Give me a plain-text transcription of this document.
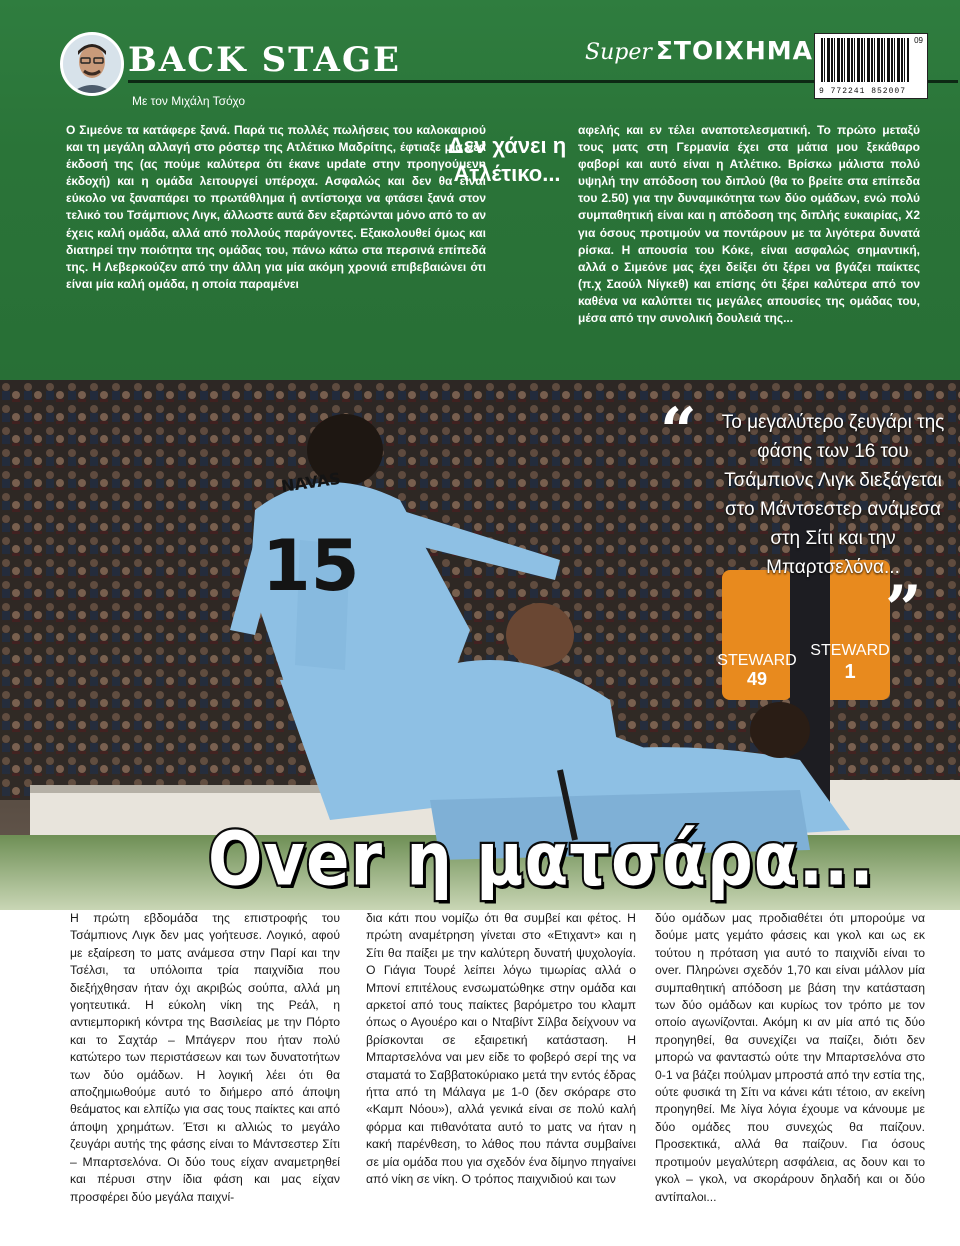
BACK STAGE
Με τον Μιχάλη Τσόχο
Super ΣΤΟΙΧΗΜΑ	09
9 772241 852007

Ο Σιμεόνε τα κατάφερε ξανά. Παρά τις πολλές πωλήσεις του καλοκαιριού και τη μεγάλη αλλαγή στο ρόστερ της Ατλέτικο Μαδρίτης, έφτιαξε μία νέα έκδοσή της (ας πούμε καλύτερα ότι έκανε update στην προηγούμενη έκδοχή) και η ομάδα λειτουργεί υπέροχα. Ασφαλώς και δεν θα είναι εύκολο να ξαναπάρει το πρωτάθλημα ή αντίστοιχα να φτάσει ξανά στον τελικό του Τσάμπιονς Λιγκ, άλλωστε αυτά δεν εξαρτώνται μόνο από το αν έχεις καλή ομάδα, αλλά από πολλούς παράγοντες. Εξακολουθεί όμως και διατηρεί την ποιότητα της ομάδας του, πάνω κάτω στα περσινά επίπεδά της. Η Λεβερκούζεν από την άλλη για μία ακόμη χρονιά επιβεβαιώνει ότι είναι μία καλή ομάδα, η οποία παραμένει

Δεν χάνει η Ατλέτικο...

αφελής και εν τέλει αναποτελεσματική. Το πρώτο μεταξύ τους ματς στη Γερμανία έχει στα μάτια μου ξεκάθαρο φαβορί και αυτό είναι η Ατλέτικο. Βρίσκω μάλιστα πολύ υψηλή την απόδοση του διπλού (θα το βρείτε στα επίπεδα του 2.50) για την δυναμικότητα των δύο ομάδων, ενώ πολύ συμπαθητική είναι και η απόδοση της διπλής ευκαιρίας, Χ2 για όσους προτιμούν να ποντάρουν με τα λιγότερα δυνατά ρίσκα. Η απουσία του Κόκε, είναι ασφαλώς σημαντική, αλλά ο Σιμεόνε μας έχει δείξει ότι ξέρει να βγάζει παίκτες (π.χ Σαούλ Νίγκεθ) και επίσης ότι ξέρει καλύτερα από τον καθένα να καλύπτει τις μεγάλες απουσίες της ομάδας του, μέσα από την συνολική δουλειά της...

STEWARD
49
STEWARD
1
15
NAVAS
“ Το μεγαλύτερο ζευγάρι της φάσης των 16 του Τσάμπιονς Λιγκ διεξάγεται στο Μάντσεστερ ανάμεσα στη Σίτι και την Μπαρτσελόνα...
”
Over η ματσάρα...

Η πρώτη εβδομάδα της επιστροφής του Τσάμπιονς Λιγκ δεν μας γοήτευσε. Λογικό, αφού με εξαίρεση το ματς ανάμεσα στην Παρί και την Τσέλσι, τα υπόλοιπα τρία παιχνίδια που διεξήχθησαν ήταν όχι ακριβώς σούπα, αλλά μη γοητευτικά. Η εύκολη νίκη της Ρεάλ, η αντιεμπορική κόντρα της Βασιλείας με την Πόρτο και το Σαχτάρ – Μπάγερν που ήταν πολύ κατώτερο των περιστάσεων και των δυνατοτήτων των δύο ομάδων. Η λογική λέει ότι θα αποζημιωθούμε αυτό το διήμερο από άποψη θεάματος και ελπίζω για σας τους παίκτες και από άποψη χρημάτων. Έτσι κι αλλιώς το μεγάλο ζευγάρι αυτής της φάσης είναι το Μάντσεστερ Σίτι – Μπαρτσελόνα. Οι δύο τους είχαν αναμετρηθεί και πέρυσι στην ίδια φάση και μας είχαν προσφέρει δύο μεγάλα παιχνί-

δια κάτι που νομίζω ότι θα συμβεί και φέτος. Η πρώτη αναμέτρηση γίνεται στο «Ετιχαντ» και η Σίτι θα παίξει με την καλύτερη δυνατή ψυχολογία. Ο Γιάγια Τουρέ λείπει λόγω τιμωρίας αλλά ο Μπονί επιτέλους ενσωματώθηκε στην ομάδα και αρκετοί από τους παίκτες βαρόμετρο του κλαμπ όπως ο Αγουέρο και ο Νταβίντ Σίλβα δείχνουν να βρίσκονται σε εξαιρετική κατάσταση. Η Μπαρτσελόνα ναι μεν είδε το φοβερό σερί της να σταματά το Σαββατοκύριακο μετά την εντός έδρας ήττα από τη Μάλαγα με 1-0 (δεν σκόραρε στο «Καμπ Νόου»), αλλά γενικά είναι σε πολύ καλή φόρμα και πιθανότατα αυτό το ματς να ήταν η κακή παρένθεση, το λάθος που πάντα συμβαίνει σε μία ομάδα που για σχεδόν ένα δίμηνο πηγαίνει από νίκη σε νίκη. Ο τρόπος παιχνιδιού και των

δύο ομάδων μας προδιαθέτει ότι μπορούμε να δούμε ματς γεμάτο φάσεις και γκολ και ως εκ τούτου η πρόταση για αυτό το παιχνίδι είναι το over. Πληρώνει σχεδόν 1,70 και είναι μάλλον μία συμπαθητική απόδοση με βάση την κατάσταση των δύο ομάδων και κυρίως τον τρόπο με τον οποίο αγωνίζονται. Ακόμη κι αν μία από τις δύο προηγηθεί, θα συνεχίζει να παίζει, διότι δεν μπορώ να φανταστώ ούτε την Μπαρτσελόνα στο 0-1 να βάζει πούλμαν μπροστά από την εστία της, ούτε φυσικά τη Σίτι να κάνει κάτι τέτοιο, αν εκείνη προηγηθεί. Με λίγα λόγια έχουμε να κάνουμε με δύο ομάδες που συνεχώς θα παίζουν. Προσεκτικά, αλλά θα παίζουν. Για όσους προτιμούν μεγαλύτερη ασφάλεια, ας δουν και το γκολ – γκολ, να σκοράρουν δηλαδή και οι δύο αντίπαλοι...
